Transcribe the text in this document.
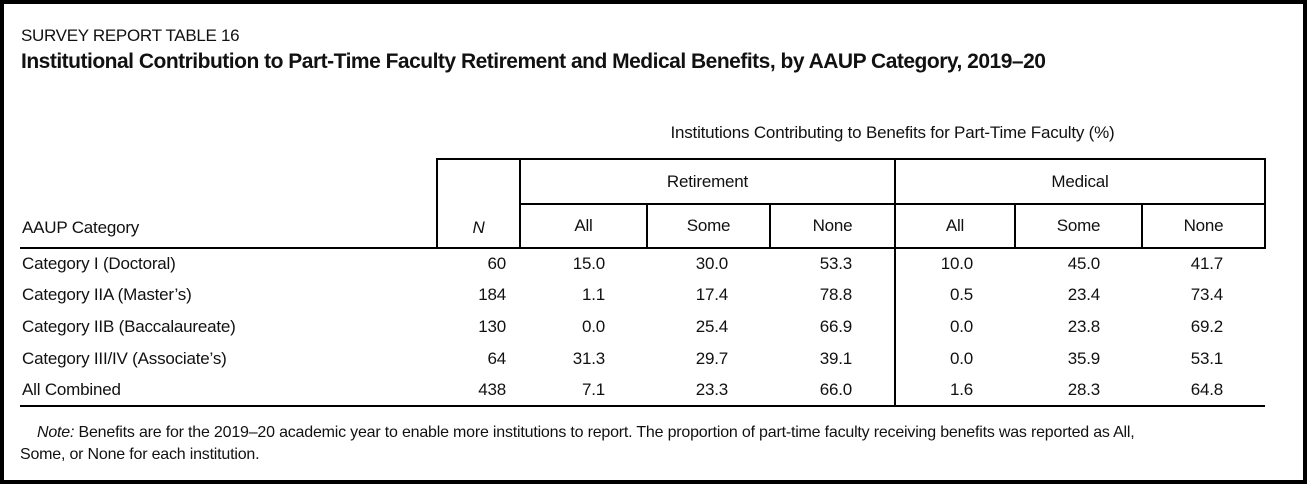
SURVEY REPORT TABLE 16
Institutional Contribution to Part-Time Faculty Retirement and Medical Benefits, by AAUP Category, 2019–20
Institutions Contributing to Benefits for Part-Time Faculty (%)
AAUP Category	N	Retirement			Medical		
		All	Some	None	All	Some	None
Category I (Doctoral)	60	15.0	30.0	53.3	10.0	45.0	41.7
Category IIA (Master’s)	184	1.1	17.4	78.8	0.5	23.4	73.4
Category IIB (Baccalaureate)	130	0.0	25.4	66.9	0.0	23.8	69.2
Category III/IV (Associate’s)	64	31.3	29.7	39.1	0.0	35.9	53.1
All Combined	438	7.1	23.3	66.0	1.6	28.3	64.8

Note: Benefits are for the 2019–20 academic year to enable more institutions to report. The proportion of part-time faculty receiving benefits was reported as All, Some, or None for each institution.
